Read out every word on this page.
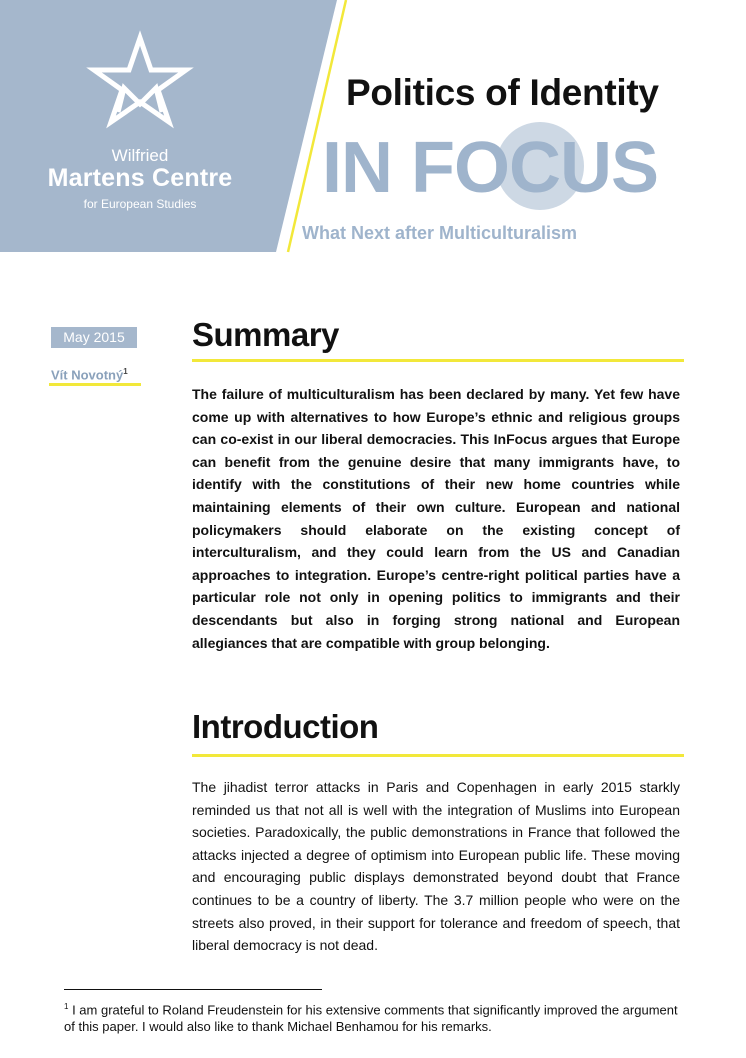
Wilfried
Martens Centre
for European Studies
Politics of Identity
IN FOCUS
What Next after Multiculturalism
May 2015
Vít Novotný$^1$
Summary
The failure of multiculturalism has been declared by many. Yet few have come up with alternatives to how Europe’s ethnic and religious groups can co-exist in our liberal democracies. This InFocus argues that Europe can benefit from the genuine desire that many immigrants have, to identify with the constitutions of their new home countries while maintaining elements of their own culture. European and national policymakers should elaborate on the existing concept of interculturalism, and they could learn from the US and Canadian approaches to integration. Europe’s centre-right political parties have a particular role not only in opening politics to immigrants and their descendants but also in forging strong national and European allegiances that are compatible with group belonging.
Introduction
The jihadist terror attacks in Paris and Copenhagen in early 2015 starkly reminded us that not all is well with the integration of Muslims into European societies. Paradoxically, the public demonstrations in France that followed the attacks injected a degree of optimism into European public life. These moving and encouraging public displays demonstrated beyond doubt that France continues to be a country of liberty. The 3.7 million people who were on the streets also proved, in their support for tolerance and freedom of speech, that liberal democracy is not dead.
$^1$ I am grateful to Roland Freudenstein for his extensive comments that significantly improved the argument of this paper. I would also like to thank Michael Benhamou for his remarks.
